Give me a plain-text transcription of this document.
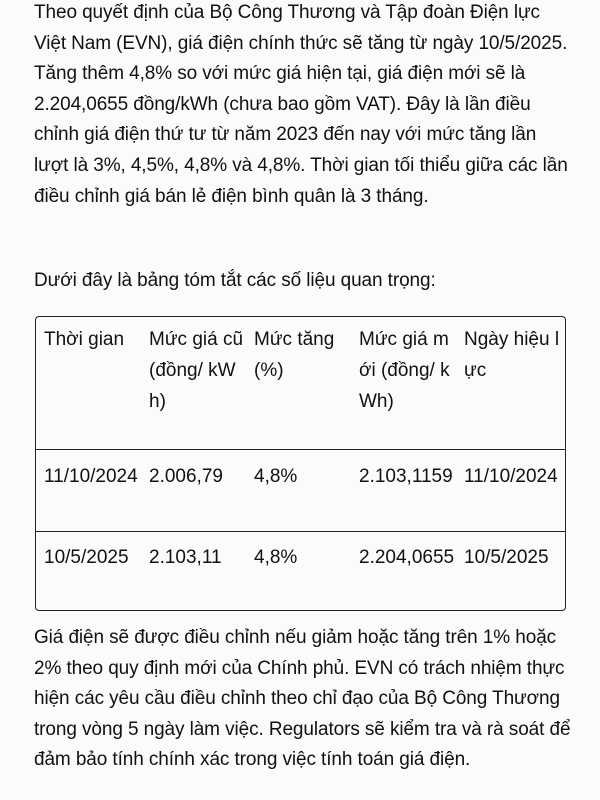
Theo quyết định của Bộ Công Thương và Tập đoàn Điện lực Việt Nam (EVN), giá điện chính thức sẽ tăng từ ngày 10/5/2025. Tăng thêm 4,8% so với mức giá hiện tại, giá điện mới sẽ là 2.204,0655 đồng/kWh (chưa bao gồm VAT). Đây là lần điều chỉnh giá điện thứ tư từ năm 2023 đến nay với mức tăng lần lượt là 3%, 4,5%, 4,8% và 4,8%. Thời gian tối thiểu giữa các lần điều chỉnh giá bán lẻ điện bình quân là 3 tháng.

Dưới đây là bảng tóm tắt các số liệu quan trọng:

Thời gian	Mức giá cũ (đồng/ kWh)	Mức tăng (%)	Mức giá mới (đồng/ kWh)	Ngày hiệu lực
11/10/2024	2.006,79	4,8%	2.103,1159	11/10/2024
10/5/2025	2.103,11	4,8%	2.204,0655	10/5/2025

Giá điện sẽ được điều chỉnh nếu giảm hoặc tăng trên 1% hoặc 2% theo quy định mới của Chính phủ. EVN có trách nhiệm thực hiện các yêu cầu điều chỉnh theo chỉ đạo của Bộ Công Thương trong vòng 5 ngày làm việc. Regulators sẽ kiểm tra và rà soát để đảm bảo tính chính xác trong việc tính toán giá điện.
